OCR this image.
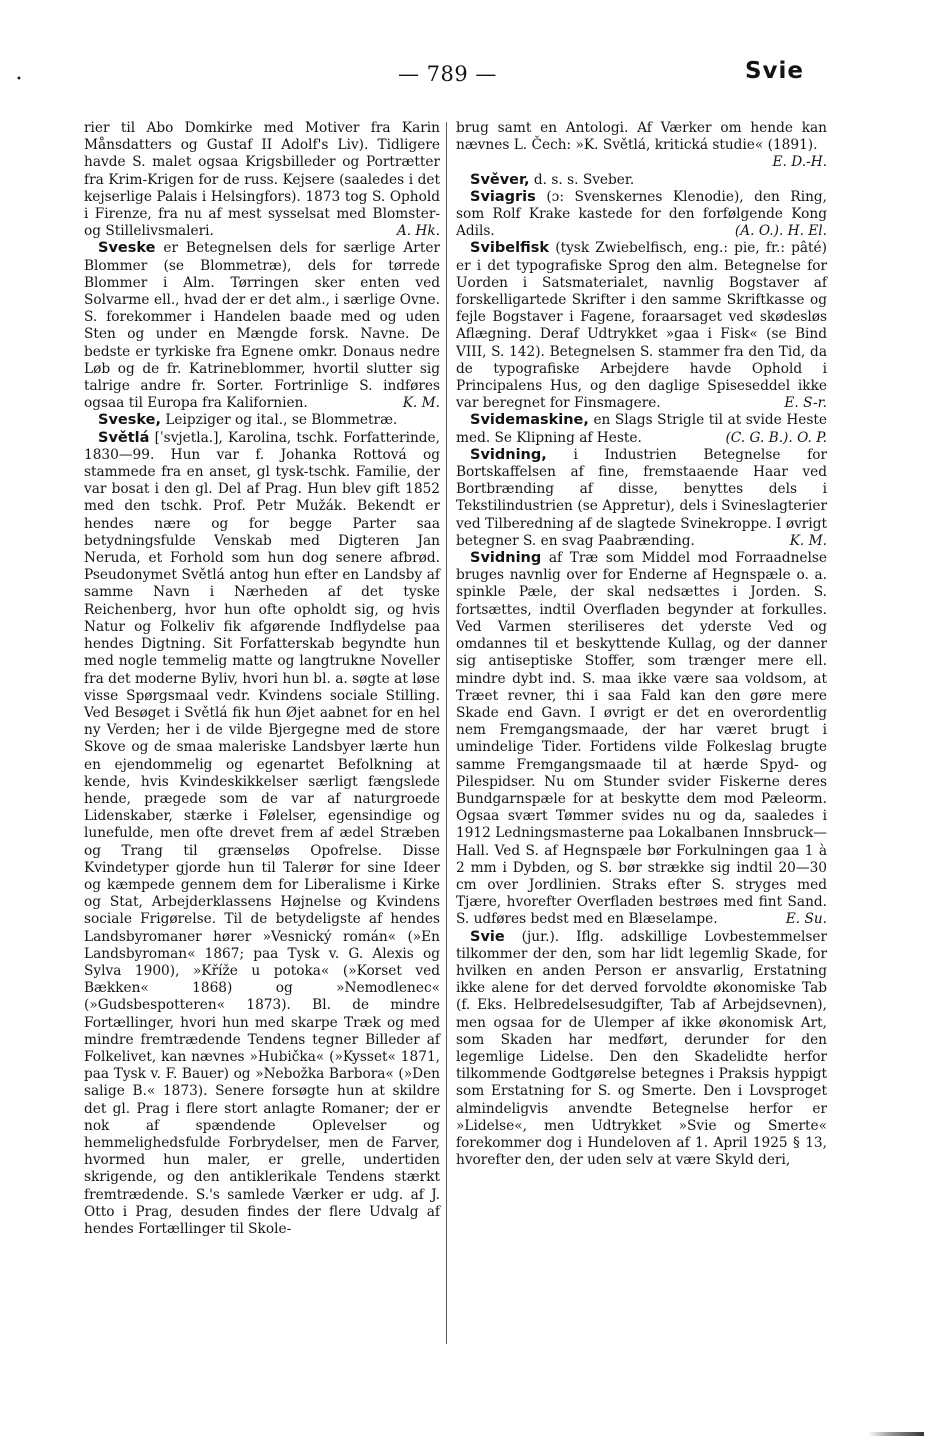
•	— 789 —	Svie

rier til Abo Domkirke med Motiver fra Karin Månsdatters og Gustaf II Adolf's Liv). Tidligere havde S. malet ogsaa Krigsbilleder og Portrætter fra Krim-Krigen for de russ. Kejsere (saaledes i det kejserlige Palais i Helsingfors). 1873 tog S. Ophold i Firenze, fra nu af mest sysselsat med Blomster- og Stillelivsmaleri.	A. Hk.

Sveske er Betegnelsen dels for særlige Arter Blommer (se Blommetræ), dels for tørrede Blommer i Alm. Tørringen sker enten ved Solvarme ell., hvad der er det alm., i særlige Ovne. S. forekommer i Handelen baade med og uden Sten og under en Mængde forsk. Navne. De bedste er tyrkiske fra Egnene omkr. Donaus nedre Løb og de fr. Katrineblommer, hvortil slutter sig talrige andre fr. Sorter. Fortrinlige S. indføres ogsaa til Europa fra Kalifornien.	K. M.

Sveske, Leipziger og ital., se Blommetræ.

Světlá [ˈsvjetla.], Karolina, tschk. Forfatterinde, 1830—99. Hun var f. Johanka Rottová og stammede fra en anset, gl tysk-tschk. Familie, der var bosat i den gl. Del af Prag. Hun blev gift 1852 med den tschk. Prof. Petr Mužák. Bekendt er hendes nære og for begge Parter saa betydningsfulde Venskab med Digteren Jan Neruda, et Forhold som hun dog senere afbrød. Pseudonymet Světlá antog hun efter en Landsby af samme Navn i Nærheden af det tyske Reichenberg, hvor hun ofte opholdt sig, og hvis Natur og Folkeliv fik afgørende Indflydelse paa hendes Digtning. Sit Forfatterskab begyndte hun med nogle temmelig matte og langtrukne Noveller fra det moderne Byliv, hvori hun bl. a. søgte at løse visse Spørgsmaal vedr. Kvindens sociale Stilling. Ved Besøget i Světlá fik hun Øjet aabnet for en hel ny Verden; her i de vilde Bjergegne med de store Skove og de smaa maleriske Landsbyer lærte hun en ejendommelig og egenartet Befolkning at kende, hvis Kvindeskikkelser særligt fængslede hende, prægede som de var af naturgroede Lidenskaber, stærke i Følelser, egensindige og lunefulde, men ofte drevet frem af ædel Stræben og Trang til grænseløs Opofrelse. Disse Kvindetyper gjorde hun til Talerør for sine Ideer og kæmpede gennem dem for Liberalisme i Kirke og Stat, Arbejderklassens Højnelse og Kvindens sociale Frigørelse. Til de betydeligste af hendes Landsbyromaner hører »Vesnický román« (»En Landsbyroman« 1867; paa Tysk v. G. Alexis og Sylva 1900), »Kříže u potoka« (»Korset ved Bækken« 1868) og »Nemodlenec« (»Gudsbespotteren« 1873). Bl. de mindre Fortællinger, hvori hun med skarpe Træk og med mindre fremtrædende Tendens tegner Billeder af Folkelivet, kan nævnes »Hubička« (»Kysset« 1871, paa Tysk v. F. Bauer) og »Nebožka Barbora« (»Den salige B.« 1873). Senere forsøgte hun at skildre det gl. Prag i flere stort anlagte Romaner; der er nok af spændende Oplevelser og hemmelighedsfulde Forbrydelser, men de Farver, hvormed hun maler, er grelle, undertiden skrigende, og den antiklerikale Tendens stærkt fremtrædende. S.'s samlede Værker er udg. af J. Otto i Prag, desuden findes der flere Udvalg af hendes Fortællinger til Skole-

brug samt en Antologi. Af Værker om hende kan nævnes L. Čech: »K. Světlá, kritická studie« (1891).
E. D.-H.

Svěver, d. s. s. Sveber.

Sviagris (ɔ: Svenskernes Klenodie), den Ring, som Rolf Krake kastede for den forfølgende Kong Adils.	(A. O.). H. El.

Svibelfisk (tysk Zwiebelfisch, eng.: pie, fr.: pâté) er i det typografiske Sprog den alm. Betegnelse for Uorden i Satsmaterialet, navnlig Bogstaver af forskelligartede Skrifter i den samme Skriftkasse og fejle Bogstaver i Fagene, foraarsaget ved skødesløs Aflægning. Deraf Udtrykket »gaa i Fisk« (se Bind VIII, S. 142). Betegnelsen S. stammer fra den Tid, da de typografiske Arbejdere havde Ophold i Principalens Hus, og den daglige Spiseseddel ikke var beregnet for Finsmagere.	E. S-r.

Svidemaskine, en Slags Strigle til at svide Heste med. Se Klipning af Heste.	(C. G. B.). O. P.

Svidning, i Industrien Betegnelse for Bortskaffelsen af fine, fremstaaende Haar ved Bortbrænding af disse, benyttes dels i Tekstilindustrien (se Appretur), dels i Svineslagterier ved Tilberedning af de slagtede Svinekroppe. I øvrigt betegner S. en svag Paabrænding.	K. M.

Svidning af Træ som Middel mod Forraadnelse bruges navnlig over for Enderne af Hegnspæle o. a. spinkle Pæle, der skal nedsættes i Jorden. S. fortsættes, indtil Overfladen begynder at forkulles. Ved Varmen steriliseres det yderste Ved og omdannes til et beskyttende Kullag, og der danner sig antiseptiske Stoffer, som trænger mere ell. mindre dybt ind. S. maa ikke være saa voldsom, at Træet revner, thi i saa Fald kan den gøre mere Skade end Gavn. I øvrigt er det en overordentlig nem Fremgangsmaade, der har været brugt i umindelige Tider. Fortidens vilde Folkeslag brugte samme Fremgangsmaade til at hærde Spyd- og Pilespidser. Nu om Stunder svider Fiskerne deres Bundgarnspæle for at beskytte dem mod Pæleorm. Ogsaa svært Tømmer svides nu og da, saaledes i 1912 Ledningsmasterne paa Lokalbanen Innsbruck—Hall. Ved S. af Hegnspæle bør Forkulningen gaa 1 à 2 mm i Dybden, og S. bør strække sig indtil 20—30 cm over Jordlinien. Straks efter S. stryges med Tjære, hvorefter Overfladen bestrøes med fint Sand. S. udføres bedst med en Blæselampe.	E. Su.

Svie (jur.). Iflg. adskillige Lovbestemmelser tilkommer der den, som har lidt legemlig Skade, for hvilken en anden Person er ansvarlig, Erstatning ikke alene for det derved forvoldte økonomiske Tab (f. Eks. Helbredelsesudgifter, Tab af Arbejdsevnen), men ogsaa for de Ulemper af ikke økonomisk Art, som Skaden har medført, derunder for den legemlige Lidelse. Den den Skadelidte herfor tilkommende Godtgørelse betegnes i Praksis hyppigt som Erstatning for S. og Smerte. Den i Lovsproget almindeligvis anvendte Betegnelse herfor er »Lidelse«, men Udtrykket »Svie og Smerte« forekommer dog i Hundeloven af 1. April 1925 § 13, hvorefter den, der uden selv at være Skyld deri,
